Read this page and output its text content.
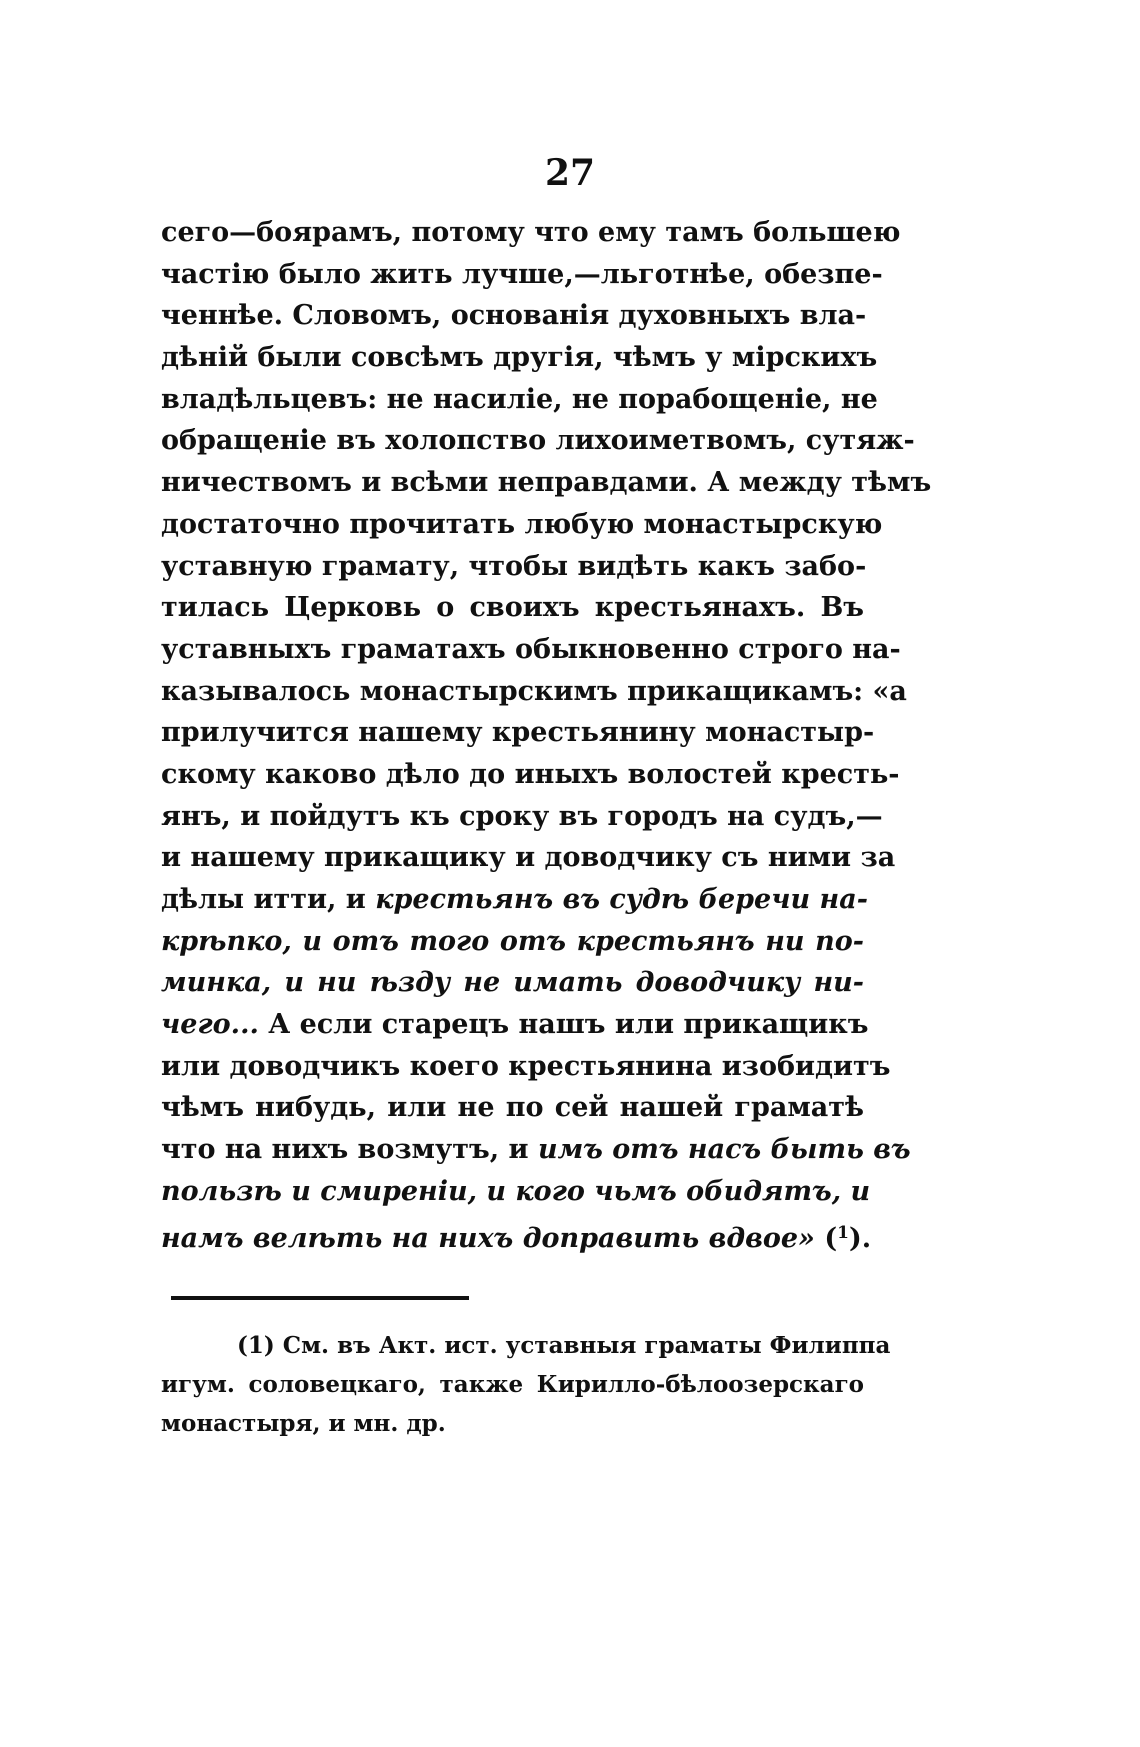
27
сего—боярамъ, потому что ему тамъ большею
частію было жить лучше,—льготнѣе, обезпе-
ченнѣе. Словомъ, основанія духовныхъ вла-
дѣній были совсѣмъ другія, чѣмъ у мірскихъ
владѣльцевъ: не насиліе, не порабощеніе, не
обращеніе въ холопство лихоиметвомъ, сутяж-
ничествомъ и всѣми неправдами. А между тѣмъ
достаточно прочитать любую монастырскую
уставную грамату, чтобы видѣть какъ забо-
тилась Церковь о своихъ крестьянахъ. Въ
уставныхъ граматахъ обыкновенно строго на-
казывалось монастырскимъ прикащикамъ: «а
прилучится нашему крестьянину монастыр-
скому каково дѣло до иныхъ волостей кресть-
янъ, и пойдутъ къ сроку въ городъ на судъ,—
и нашему прикащику и доводчику съ ними за
дѣлы итти, и крестьянъ въ судѣ беречи на-
крѣпко, и отъ того отъ крестьянъ ни по-
минка, и ни ѣзду не имать доводчику ни-
чего... А если старецъ нашъ или прикащикъ
или доводчикъ коего крестьянина изобидитъ
чѣмъ нибудь, или не по сей нашей граматѣ
что на нихъ возмутъ, и имъ отъ насъ быть въ
пользѣ и смиреніи, и кого чьмъ обидятъ, и
намъ велѣть на нихъ доправить вдвое» ($^1$).
(1) См. въ Акт. ист. уставныя граматы Филиппа
игум. соловецкаго, также Кирилло-бѣлоозерскаго
монастыря, и мн. др.
